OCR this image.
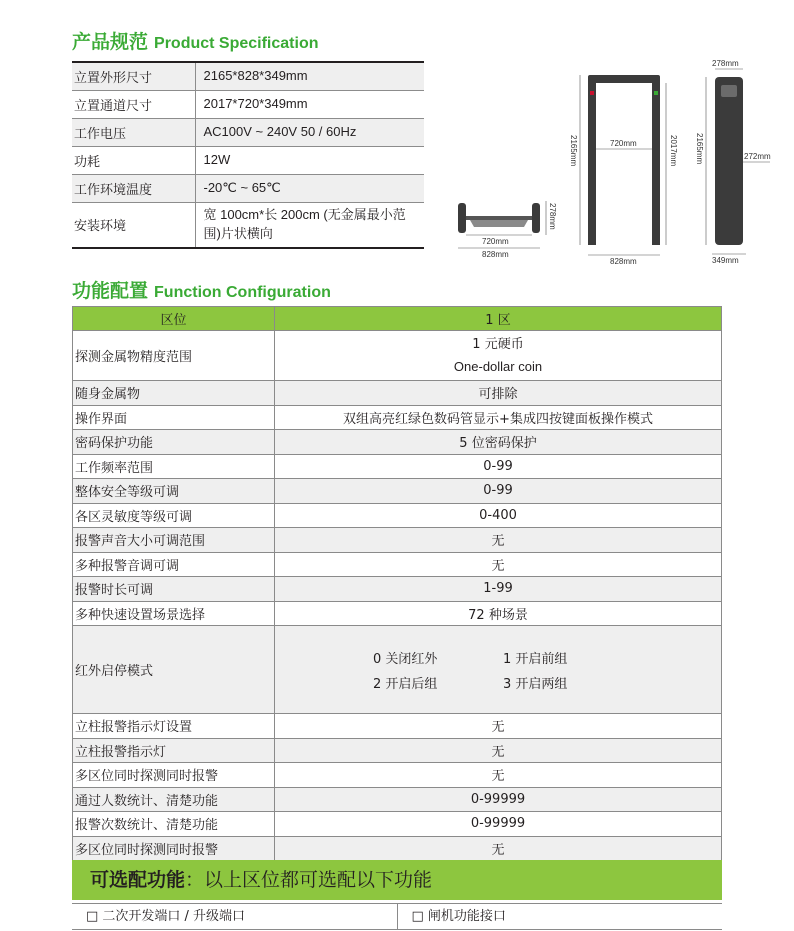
产品规范 Product Specification
立置外形尺寸	2165*828*349mm
立置通道尺寸	2017*720*349mm
工作电压	AC100V ~ 240V 50 / 60Hz
功耗	12W
工作环境温度	-20℃ ~ 65℃
安装环境	宽 100cm*长 200cm (无金属最小范围)片状横向
720mm
828mm
278mm
720mm
2165mm	2017mm
828mm
278mm
2165mm	272mm
349mm
功能配置 Function Configuration
区位	1 区
探测金属物精度范围	1 元硬币
One-dollar coin

随身金属物	可排除
操作界面	双组高亮红绿色数码管显示+集成四按键面板操作模式
密码保护功能	5 位密码保护
工作频率范围	0-99
整体安全等级可调	0-99
各区灵敏度等级可调	0-400
报警声音大小可调范围	无
多种报警音调可调	无
报警时长可调	1-99
多种快速设置场景选择	72 种场景
红外启停模式	0 关闭红外 1 开启前组
2 开启后组 3 开启两组

立柱报警指示灯设置	无
立柱报警指示灯	无
多区位同时探测同时报警	无
通过人数统计、清楚功能	0-99999
报警次数统计、清楚功能	0-99999
多区位同时探测同时报警	无
可选配功能：以上区位都可选配以下功能
□ 二次开发端口 / 升级端口	□ 闸机功能接口
